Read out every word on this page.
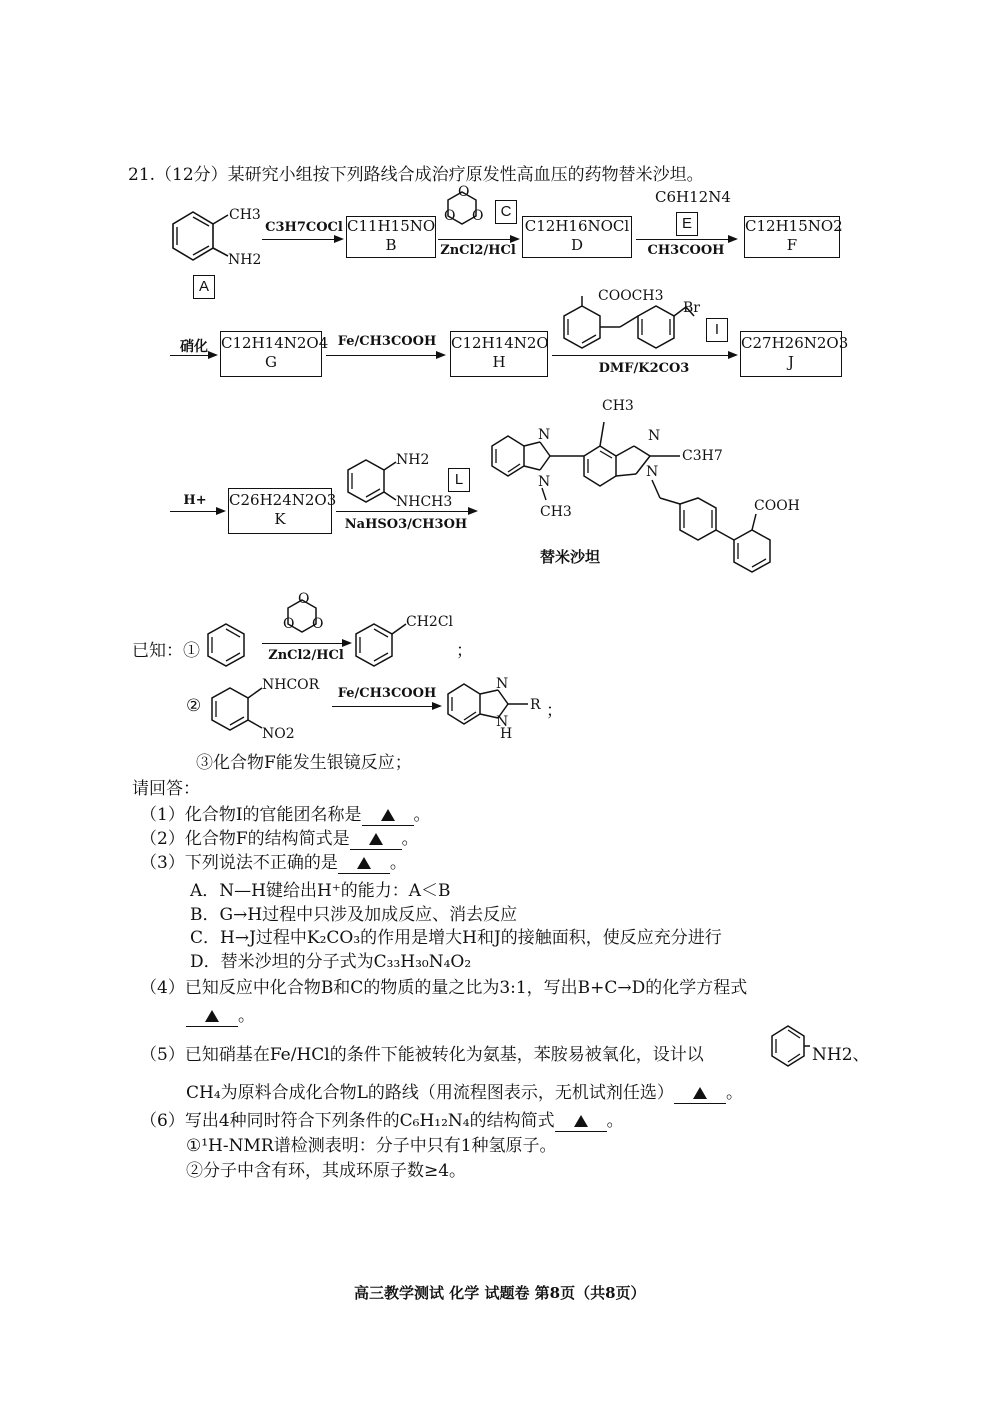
21.（12分）某研究小组按下列路线合成治疗原发性高血压的药物替米沙坦。
CH3
NH2
A
C3H7COCl C11H15NO
B
O
O
O	C
ZnCl2/HCl
C12H16NOCl
D
C6H12N4
E
CH3COOH
C12H15NO2
F
硝化 C12H14N2O4
G
Fe/CH3COOH C12H14N2O
H
COOCH3
Br
I
DMF/K2CO3
C27H26N2O3
J
H+	C26H24N2O3
K
NH2
NHCH3
L
NaHSO3/CH3OH
N
N
CH3
CH3
N
N
C3H7
COOH
替米沙坦
已知：①
O
O
O
ZnCl2/HCl
CH2Cl
；
②
NHCOR
NO2
Fe/CH3COOH
N
N
H
R ；
③化合物F能发生银镜反应；
请回答：
（1）化合物I的官能团名称是	。
（2）化合物F的结构简式是	。
（3）下列说法不正确的是	。
A．N—H键给出H⁺的能力：A＜B
B．G→H过程中只涉及加成反应、消去反应
C．H→J过程中K₂CO₃的作用是增大H和J的接触面积，使反应充分进行
D．替米沙坦的分子式为C₃₃H₃₀N₄O₂
（4）已知反应中化合物B和C的物质的量之比为3:1，写出B+C→D的化学方程式
。
（5）已知硝基在Fe/HCl的条件下能被转化为氨基，苯胺易被氧化，设计以	NH2、
CH₄为原料合成化合物L的路线（用流程图表示，无机试剂任选）	。
（6）写出4种同时符合下列条件的C₆H₁₂N₄的结构简式	。
①¹H-NMR谱检测表明：分子中只有1种氢原子。
②分子中含有环，其成环原子数≥4。
高三教学测试 化学 试题卷 第8页（共8页）
